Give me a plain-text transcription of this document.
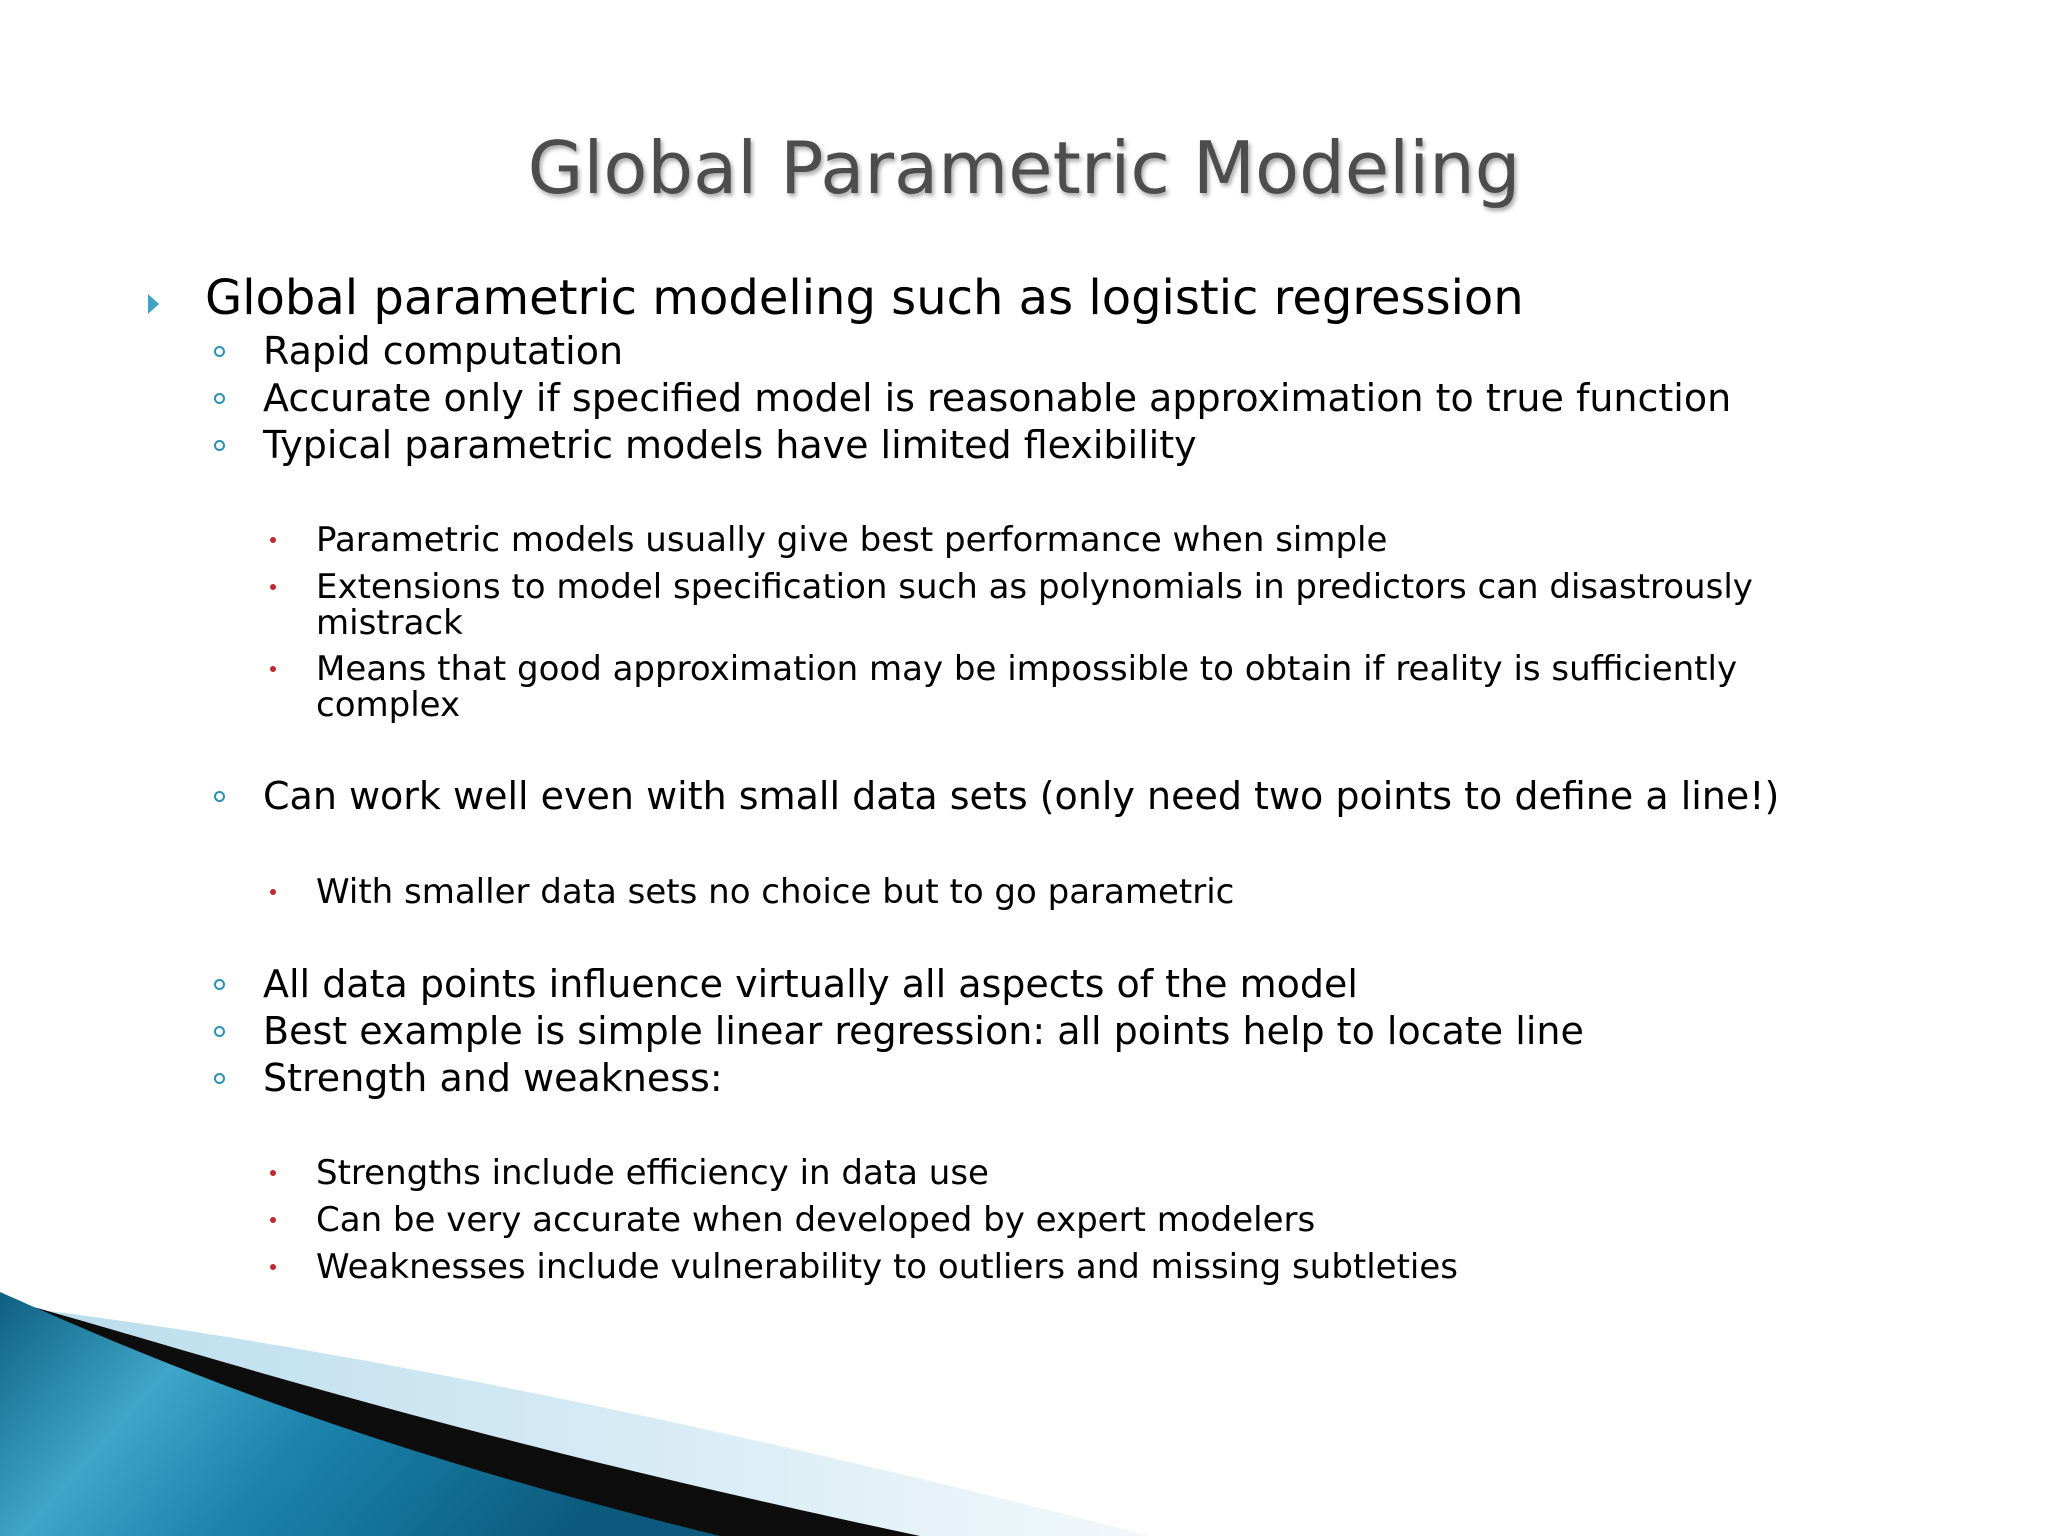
Global Parametric Modeling
Global parametric modeling such as logistic regression
Rapid computation
Accurate only if specified model is reasonable approximation to true function
Typical parametric models have limited flexibility
Parametric models usually give best performance when simple
Extensions to model specification such as polynomials in predictors can disastrously mistrack
Means that good approximation may be impossible to obtain if reality is sufficiently complex
Can work well even with small data sets (only need two points to define a line!)
With smaller data sets no choice but to go parametric
All data points influence virtually all aspects of the model
Best example is simple linear regression: all points help to locate line
Strength and weakness:
Strengths include efficiency in data use
Can be very accurate when developed by expert modelers
Weaknesses include vulnerability to outliers and missing subtleties
